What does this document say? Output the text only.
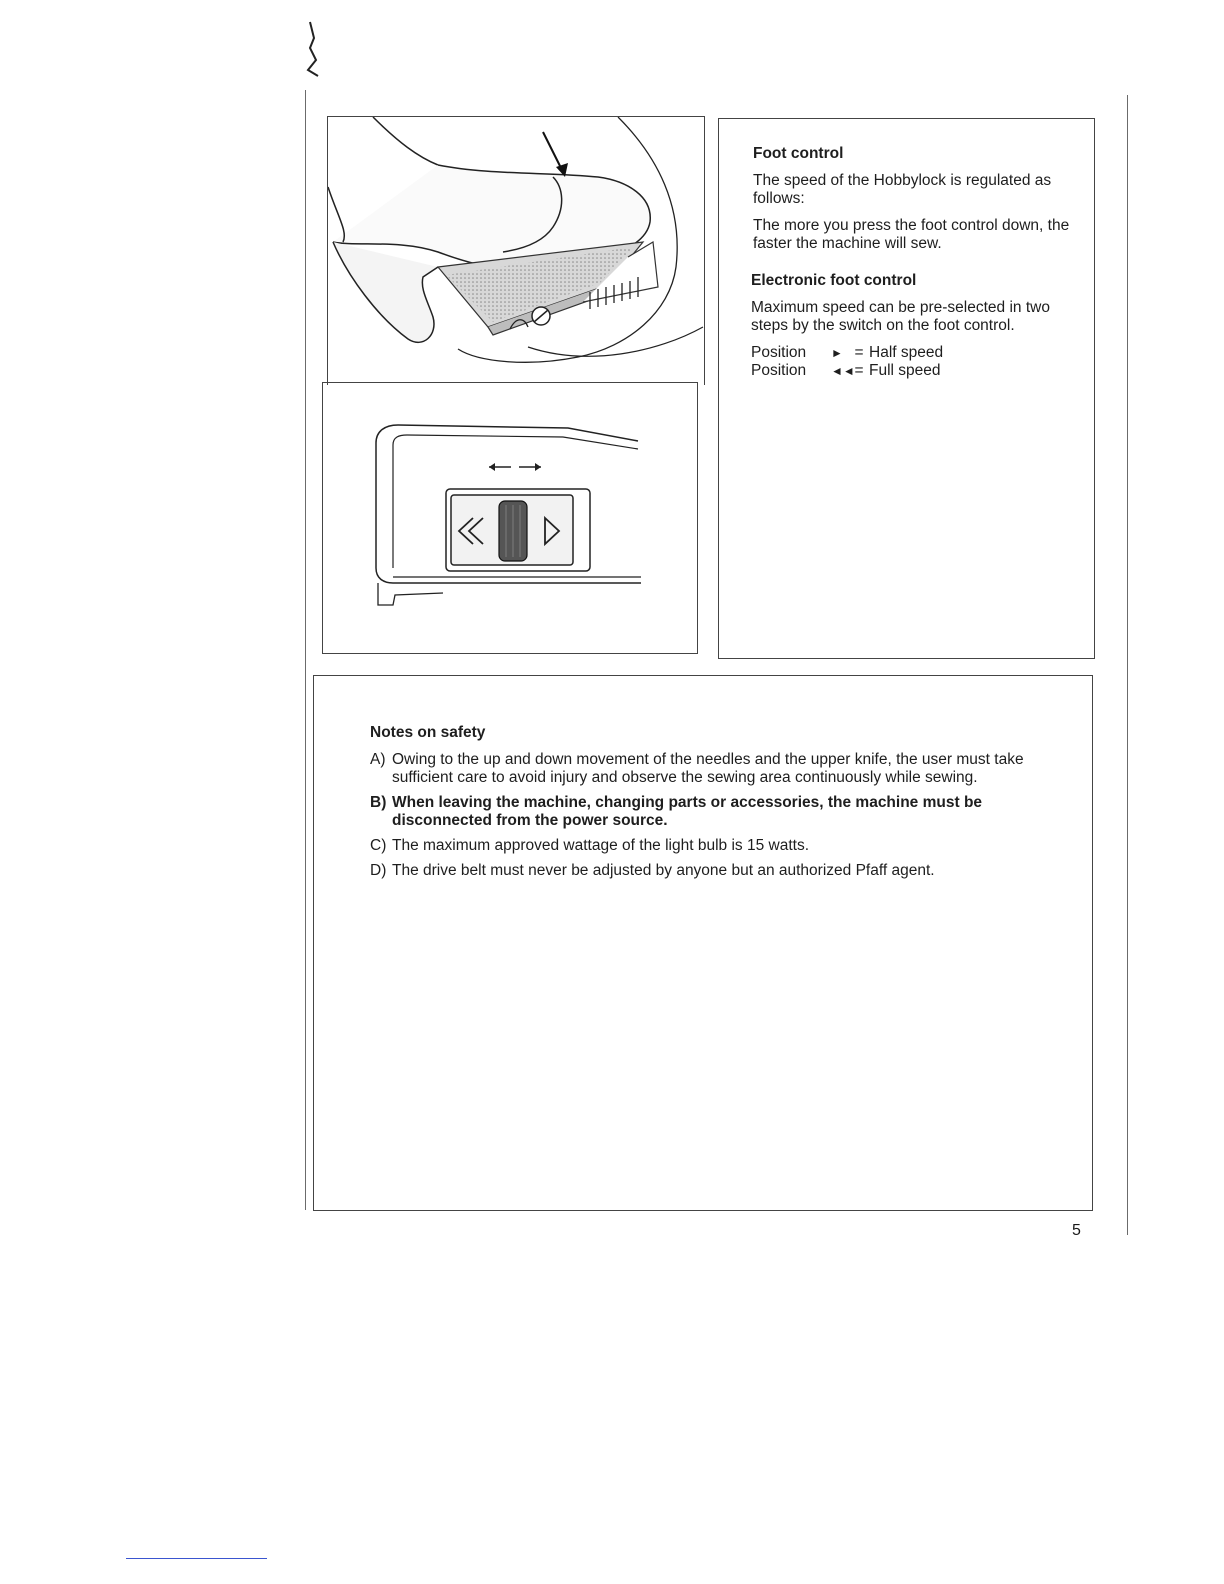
Foot control

The speed of the Hobbylock is regulated as follows:

The more you press the foot control down, the faster the machine will sew.

Electronic foot control

Maximum speed can be pre-selected in two steps by the switch on the foot control.

Position ► = Half speed
Position ◄◄= Full speed
Notes on safety
A) Owing to the up and down movement of the needles and the upper knife, the user must take sufficient care to avoid injury and observe the sewing area continuously while sewing.
B) When leaving the machine, changing parts or accessories, the machine must be disconnected from the power source.
C) The maximum approved wattage of the light bulb is 15 watts.
D) The drive belt must never be adjusted by anyone but an authorized Pfaff agent.
5
